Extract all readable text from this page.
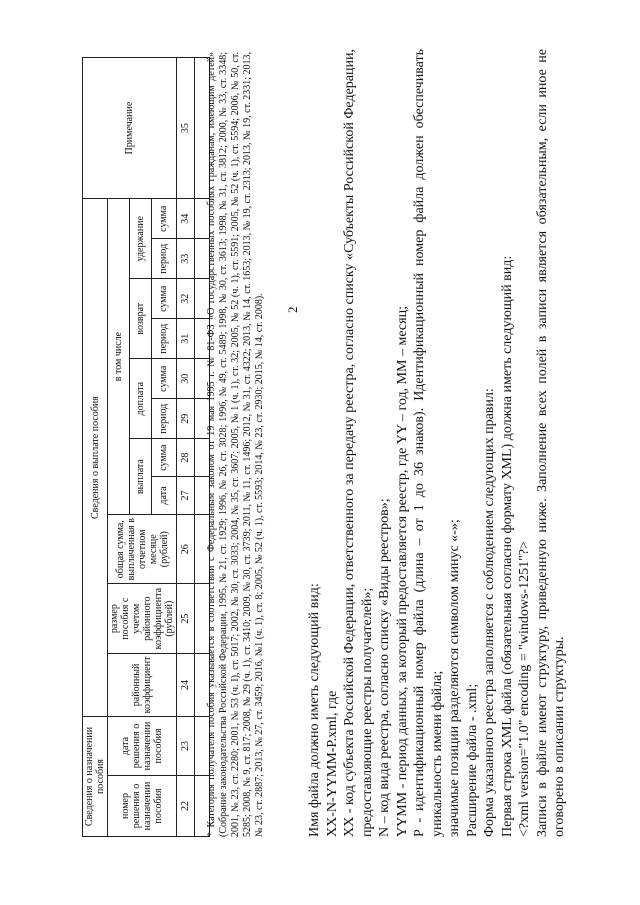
Сведения о назначении пособия		Сведения о выплате пособия											Примечание
номер решения о назначении пособия	дата решения о назначении пособия	районный коэффициент	размер пособия с учетом районного коэффициента (рублей)	общая сумма, выплаченная в отчетном месяце (рублей)	в том числе								
					выплата		доплата		возврат		удержание		
					дата	сумма	период	сумма	период	сумма	период	сумма	
22	23	24	25	26	27	28	29	30	31	32	33	34	35
													* Категория получателя пособия указывается в соответствии с Федеральным законом от 19 мая 1995 г. № 81-ФЗ «О государственных пособиях гражданам, имеющим детей» (Собрание законодательства Российской Федерации, 1995, № 21, ст. 1929; 1996, № 26, ст. 3028; 1996, № 49, ст. 5489; 1998, № 30, ст. 3613; 1998, № 31, ст. 3812; 2000, № 33, ст. 3348; 2001, № 23, ст. 2280; 2001, № 53 (ч. I), ст. 5017; 2002, № 30, ст. 3033; 2004, № 35, ст. 3607; 2005, № 1 (ч. 1), ст. 32; 2005, № 52 (ч. 1), ст. 5591; 2005, № 52 (ч. 1), ст. 5594; 2006, № 50, ст. 5285; 2008, № 9, ст. 817; 2008, № 29 (ч. 1), ст. 3410; 2009, № 30, ст. 3739; 2011, № 11, ст. 1496; 2012, № 31, ст. 4322; 2013, № 14, ст. 1653; 2013, № 19, ст. 2313; 2013, № 19, ст. 2331; 2013, № 23, ст. 2887; 2013, № 27, ст. 3459; 2016, №1 (ч. 1), ст. 8; 2005, № 52 (ч. 1), ст. 5593; 2014, № 23, ст. 2930; 2015, № 14, ст. 2008). 2

Имя файла должно иметь следующий вид: XX-N-YYMM-P.xml, где XX - код субъекта Российской Федерации, ответственного за передачу реестра, согласно списку «Субъекты Российской Федерации, предоставляющие реестры получателей»; N – код вида реестра, согласно списку «Виды реестров»; YYMM - период данных, за который предоставляется реестр, где YY – год, MM – месяц; P - идентификационный номер файла (длина – от 1 до 36 знаков). Идентификационный номер файла должен обеспечивать уникальность имени файла; значимые позиции разделяются символом минус «-»; Расширение файла - .xml; Форма указанного реестра заполняется с соблюдением следующих правил: Первая строка XML файла (обязательная согласно формату XML) должна иметь следующий вид: <?xml version="1.0" encoding = "windows-1251"?> Записи в файле имеют структуру, приведенную ниже. Заполнение всех полей в записи является обязательным, если иное не оговорено в описании структуры.
